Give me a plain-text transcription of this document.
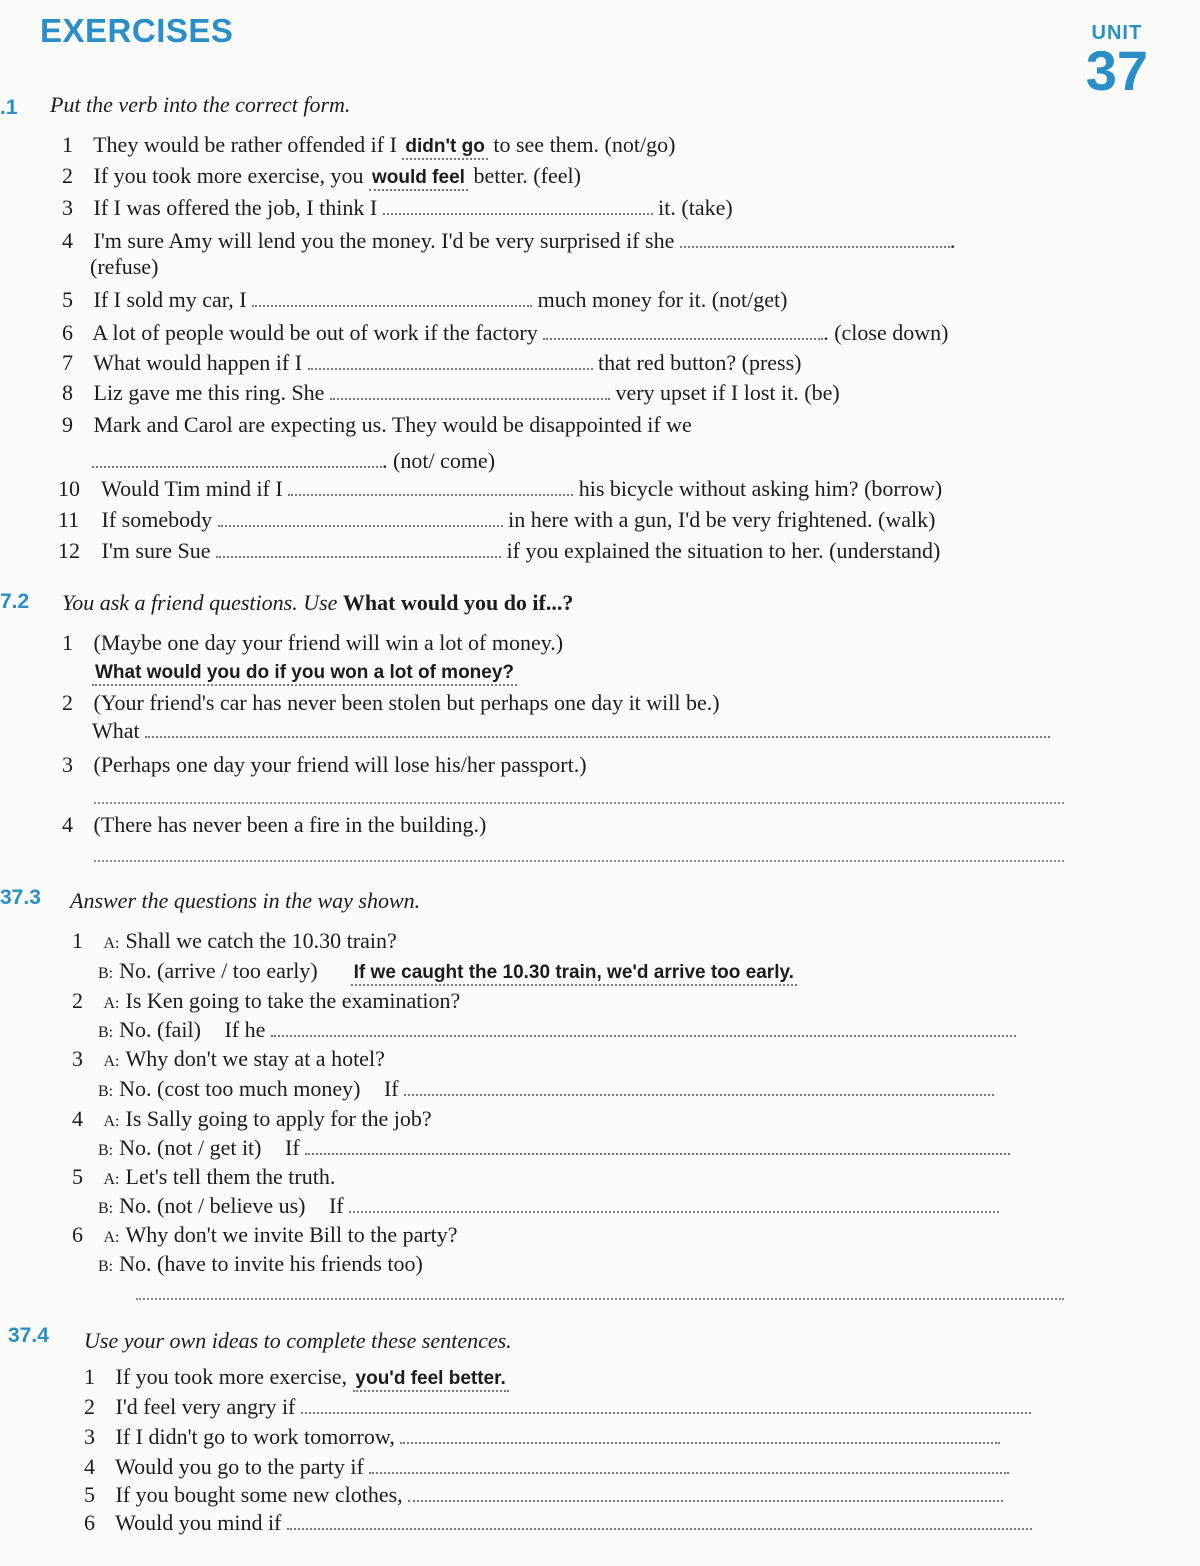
EXERCISES	UNIT
37
.1 Put the verb into the correct form.
1 They would be rather offended if I didn't go to see them. (not/go)
2 If you took more exercise, you would feel better. (feel)
3 If I was offered the job, I think I	it. (take)
4 I'm sure Amy will lend you the money. I'd be very surprised if she	.
(refuse)
5 If I sold my car, I	much money for it. (not/get)
6 A lot of people would be out of work if the factory	. (close down)
7 What would happen if I	that red button? (press)
8 Liz gave me this ring. She	very upset if I lost it. (be)
9 Mark and Carol are expecting us. They would be disappointed if we
. (not/ come)
10 Would Tim mind if I	his bicycle without asking him? (borrow)
11 If somebody	in here with a gun, I'd be very frightened. (walk)
12 I'm sure Sue	if you explained the situation to her. (understand)
7.2 You ask a friend questions. Use What would you do if...?
1 (Maybe one day your friend will win a lot of money.)
What would you do if you won a lot of money?
2 (Your friend's car has never been stolen but perhaps one day it will be.)
What
3 (Perhaps one day your friend will lose his/her passport.)
4 (There has never been a fire in the building.)
37.3 Answer the questions in the way shown.
1 A: Shall we catch the 10.30 train?
B: No. (arrive / too early) If we caught the 10.30 train, we'd arrive too early.
2 A: Is Ken going to take the examination?
B: No. (fail) If he
3 A: Why don't we stay at a hotel?
B: No. (cost too much money) If
4 A: Is Sally going to apply for the job?
B: No. (not / get it) If
5 A: Let's tell them the truth.
B: No. (not / believe us) If
6 A: Why don't we invite Bill to the party?
B: No. (have to invite his friends too)
37.4 Use your own ideas to complete these sentences.
1 If you took more exercise, you'd feel better.
2 I'd feel very angry if
3 If I didn't go to work tomorrow,
4 Would you go to the party if
5 If you bought some new clothes,
6 Would you mind if
